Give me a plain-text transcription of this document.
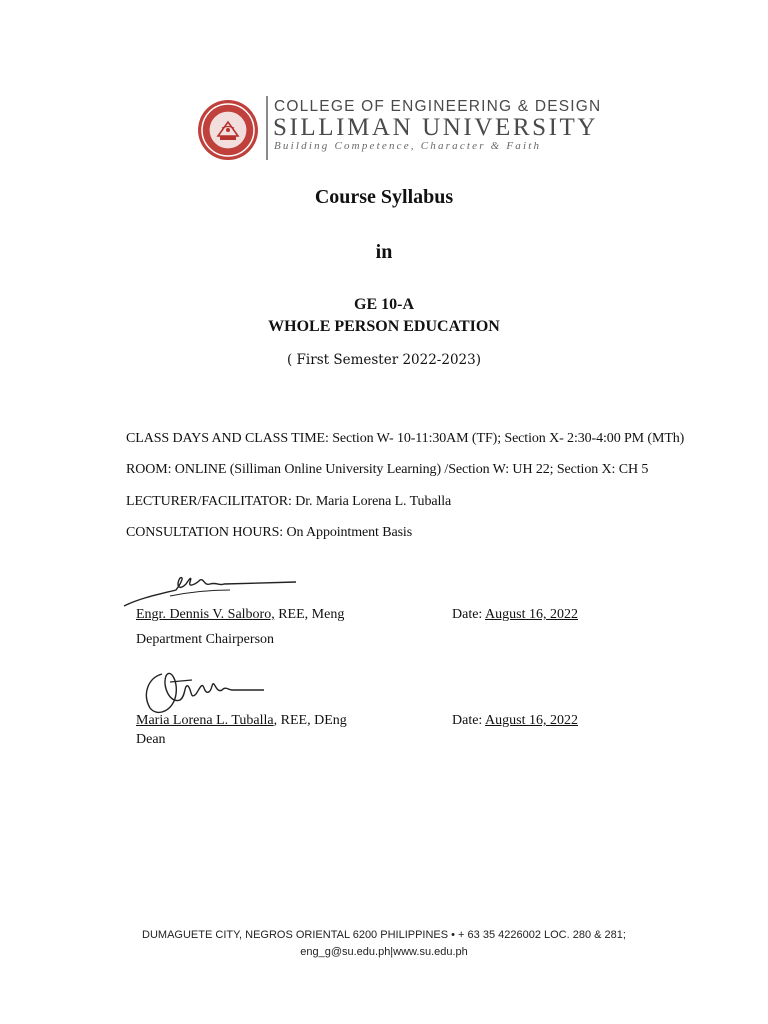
COLLEGE OF ENGINEERING & DESIGN
SILLIMAN UNIVERSITY
Building Competence, Character & Faith
Course Syllabus
in
GE 10-A
WHOLE PERSON EDUCATION
( First Semester 2022-2023)
CLASS DAYS AND CLASS TIME: Section W- 10-11:30AM (TF); Section X- 2:30-4:00 PM (MTh)
ROOM: ONLINE (Silliman Online University Learning) /Section W: UH 22; Section X: CH 5
LECTURER/FACILITATOR: Dr. Maria Lorena L. Tuballa
CONSULTATION HOURS: On Appointment Basis
Engr. Dennis V. Salboro, REE, Meng
Department Chairperson
Date: August 16, 2022
Maria Lorena L. Tuballa, REE, DEng
Dean
Date: August 16, 2022
DUMAGUETE CITY, NEGROS ORIENTAL 6200 PHILIPPINES • + 63 35 4226002 LOC. 280 & 281;
eng_g@su.edu.ph|www.su.edu.ph
